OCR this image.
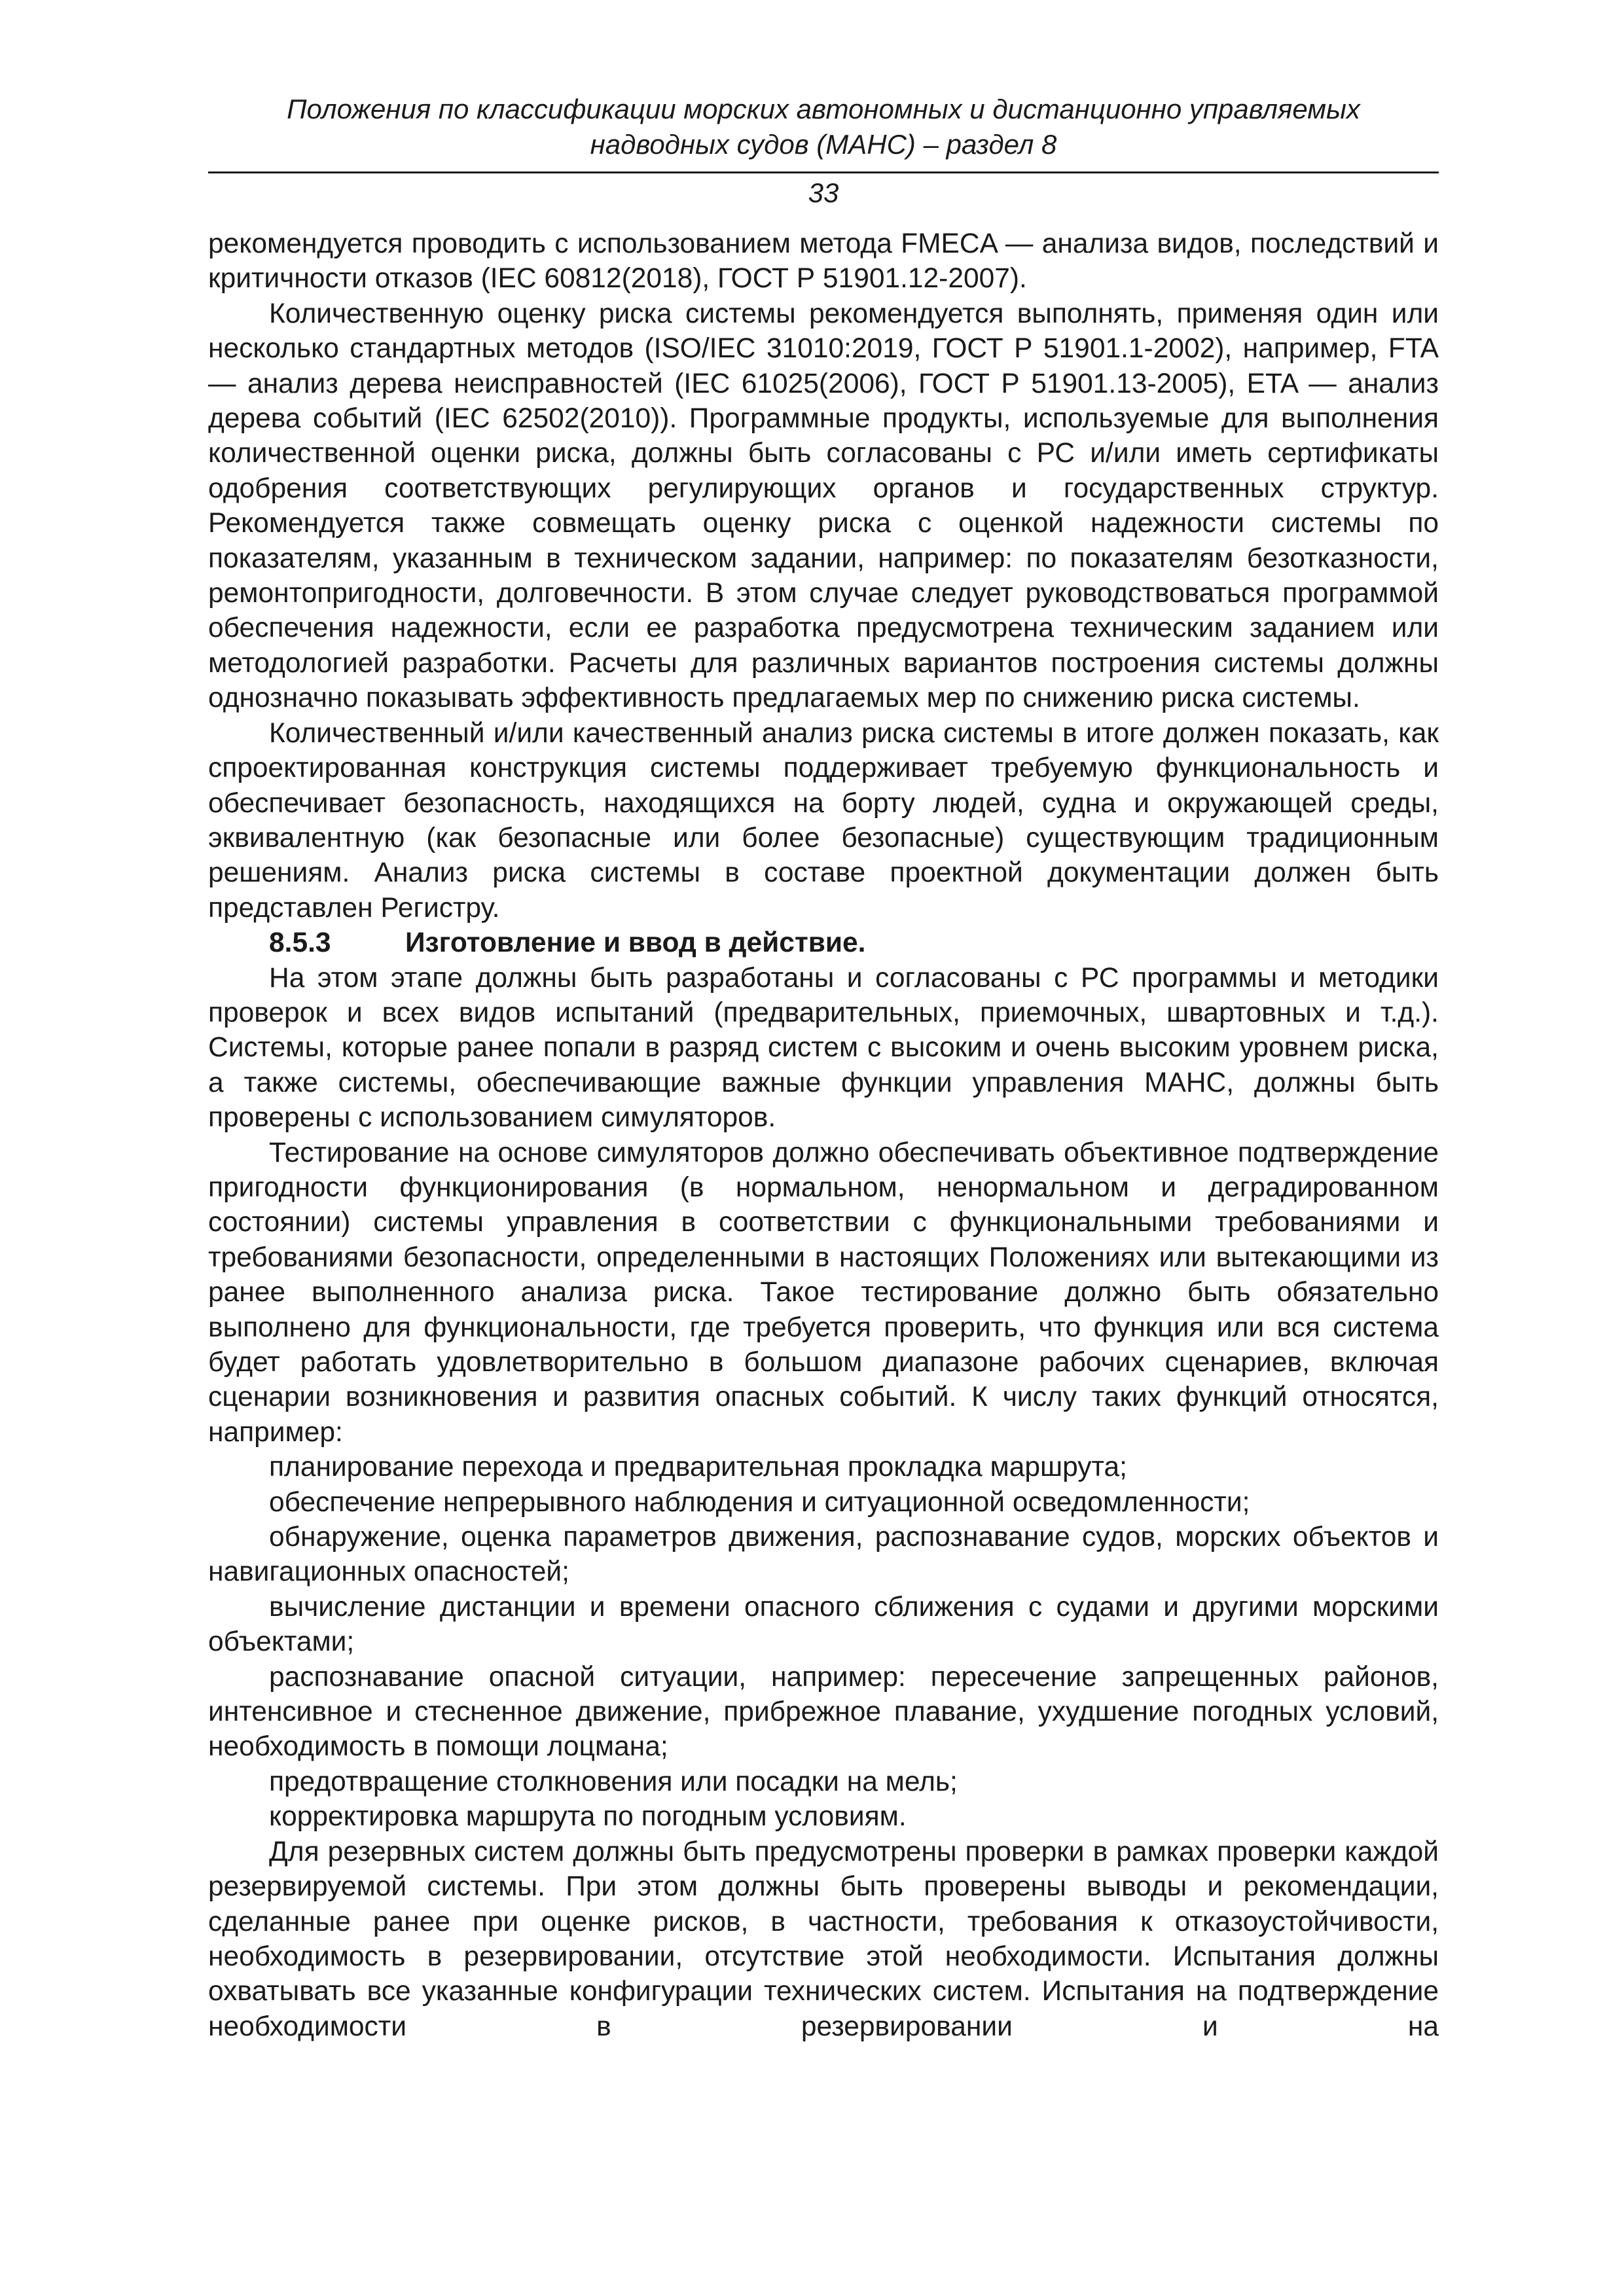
Положения по классификации морских автономных и дистанционно управляемых
надводных судов (МАНС) – раздел 8
33

рекомендуется проводить с использованием метода FMECA — анализа видов, последствий и критичности отказов (IEC 60812(2018), ГОСТ Р 51901.12-2007).

Количественную оценку риска системы рекомендуется выполнять, применяя один или несколько стандартных методов (ISO/IEC 31010:2019, ГОСТ Р 51901.1-2002), например, FTA — анализ дерева неисправностей (IEC 61025(2006), ГОСТ Р 51901.13-2005), ETA — анализ дерева событий (IEC 62502(2010)). Программные продукты, используемые для выполнения количественной оценки риска, должны быть согласованы с РС и/или иметь сертификаты одобрения соответствующих регулирующих органов и государственных структур. Рекомендуется также совмещать оценку риска с оценкой надежности системы по показателям, указанным в техническом задании, например: по показателям безотказности, ремонтопригодности, долговечности. В этом случае следует руководствоваться программой обеспечения надежности, если ее разработка предусмотрена техническим заданием или методологией разработки. Расчеты для различных вариантов построения системы должны однозначно показывать эффективность предлагаемых мер по снижению риска системы.

Количественный и/или качественный анализ риска системы в итоге должен показать, как спроектированная конструкция системы поддерживает требуемую функциональность и обеспечивает безопасность, находящихся на борту людей, судна и окружающей среды, эквивалентную (как безопасные или более безопасные) существующим традиционным решениям. Анализ риска системы в составе проектной документации должен быть представлен Регистру.

8.5.3	Изготовление и ввод в действие.

На этом этапе должны быть разработаны и согласованы с РС программы и методики проверок и всех видов испытаний (предварительных, приемочных, швартовных и т.д.). Системы, которые ранее попали в разряд систем с высоким и очень высоким уровнем риска, а также системы, обеспечивающие важные функции управления МАНС, должны быть проверены с использованием симуляторов.

Тестирование на основе симуляторов должно обеспечивать объективное подтверждение пригодности функционирования (в нормальном, ненормальном и деградированном состоянии) системы управления в соответствии с функциональными требованиями и требованиями безопасности, определенными в настоящих Положениях или вытекающими из ранее выполненного анализа риска. Такое тестирование должно быть обязательно выполнено для функциональности, где требуется проверить, что функция или вся система будет работать удовлетворительно в большом диапазоне рабочих сценариев, включая сценарии возникновения и развития опасных событий. К числу таких функций относятся, например:

планирование перехода и предварительная прокладка маршрута;

обеспечение непрерывного наблюдения и ситуационной осведомленности;

обнаружение, оценка параметров движения, распознавание судов, морских объектов и навигационных опасностей;

вычисление дистанции и времени опасного сближения с судами и другими морскими объектами;

распознавание опасной ситуации, например: пересечение запрещенных районов, интенсивное и стесненное движение, прибрежное плавание, ухудшение погодных условий, необходимость в помощи лоцмана;

предотвращение столкновения или посадки на мель;

корректировка маршрута по погодным условиям.

Для резервных систем должны быть предусмотрены проверки в рамках проверки каждой резервируемой системы. При этом должны быть проверены выводы и рекомендации, сделанные ранее при оценке рисков, в частности, требования к отказоустойчивости, необходимость в резервировании, отсутствие этой необходимости. Испытания должны охватывать все указанные конфигурации технических систем. Испытания на подтверждение необходимости в резервировании и на
